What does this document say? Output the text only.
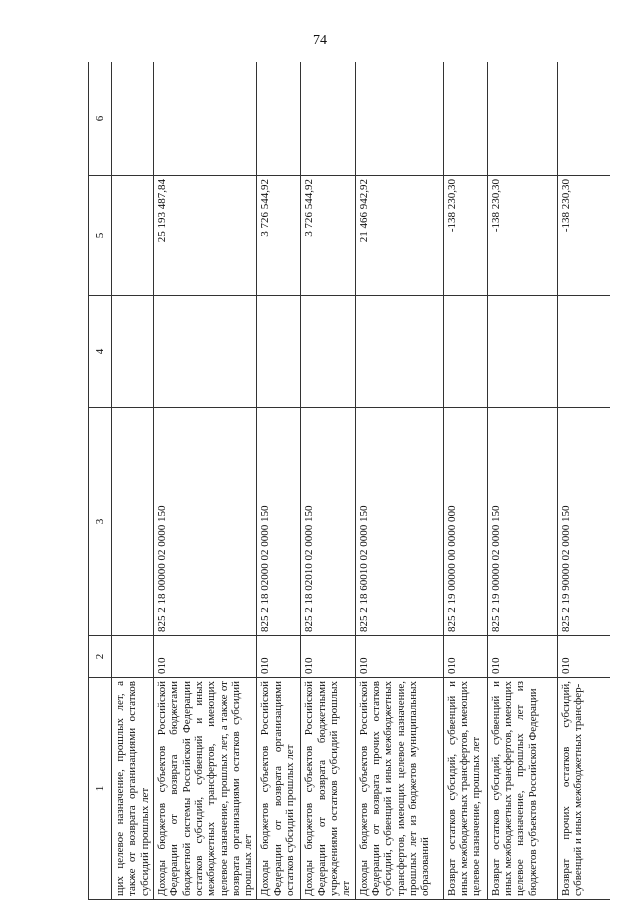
74
1	2	3	4	5	6
щих целевое назначение, прошлых лет, а также от возврата организациями остатков субсидий прошлых лет					
Доходы бюджетов субъектов Российской Федерации от возврата бюджетами бюджетной системы Российской Федерации остатков субсидий, субвенций и иных межбюджетных трансфертов, имеющих целевое назначение, прошлых лет, а также от возврата организациями остатков субсидий прошлых лет	010	825 2 18 00000 02 0000 150		25 193 487,84	
Доходы бюджетов субъектов Российской Федерации от возврата организациями остатков субсидий прошлых лет	010	825 2 18 02000 02 0000 150		3 726 544,92	
Доходы бюджетов субъектов Российской Федерации от возврата бюджетными учреждениями остатков субсидий прошлых лет	010	825 2 18 02010 02 0000 150		3 726 544,92	
Доходы бюджетов субъектов Российской Федерации от возврата прочих остатков субсидий, субвенций и иных межбюджетных трансфертов, имеющих целевое назначение, прошлых лет из бюджетов муниципальных образований	010	825 2 18 60010 02 0000 150		21 466 942,92	
Возврат остатков субсидий, субвенций и иных межбюджетных трансфертов, имеющих целевое назначение, прошлых лет	010	825 2 19 00000 00 0000 000		-138 230,30	
Возврат остатков субсидий, субвенций и иных межбюджетных трансфертов, имеющих целевое назначение, прошлых лет из бюджетов субъектов Российской Федерации	010	825 2 19 00000 02 0000 150		-138 230,30	
Возврат прочих остатков субсидий, субвенций и иных межбюджетных трансфер-	010	825 2 19 90000 02 0000 150		-138 230,30	
